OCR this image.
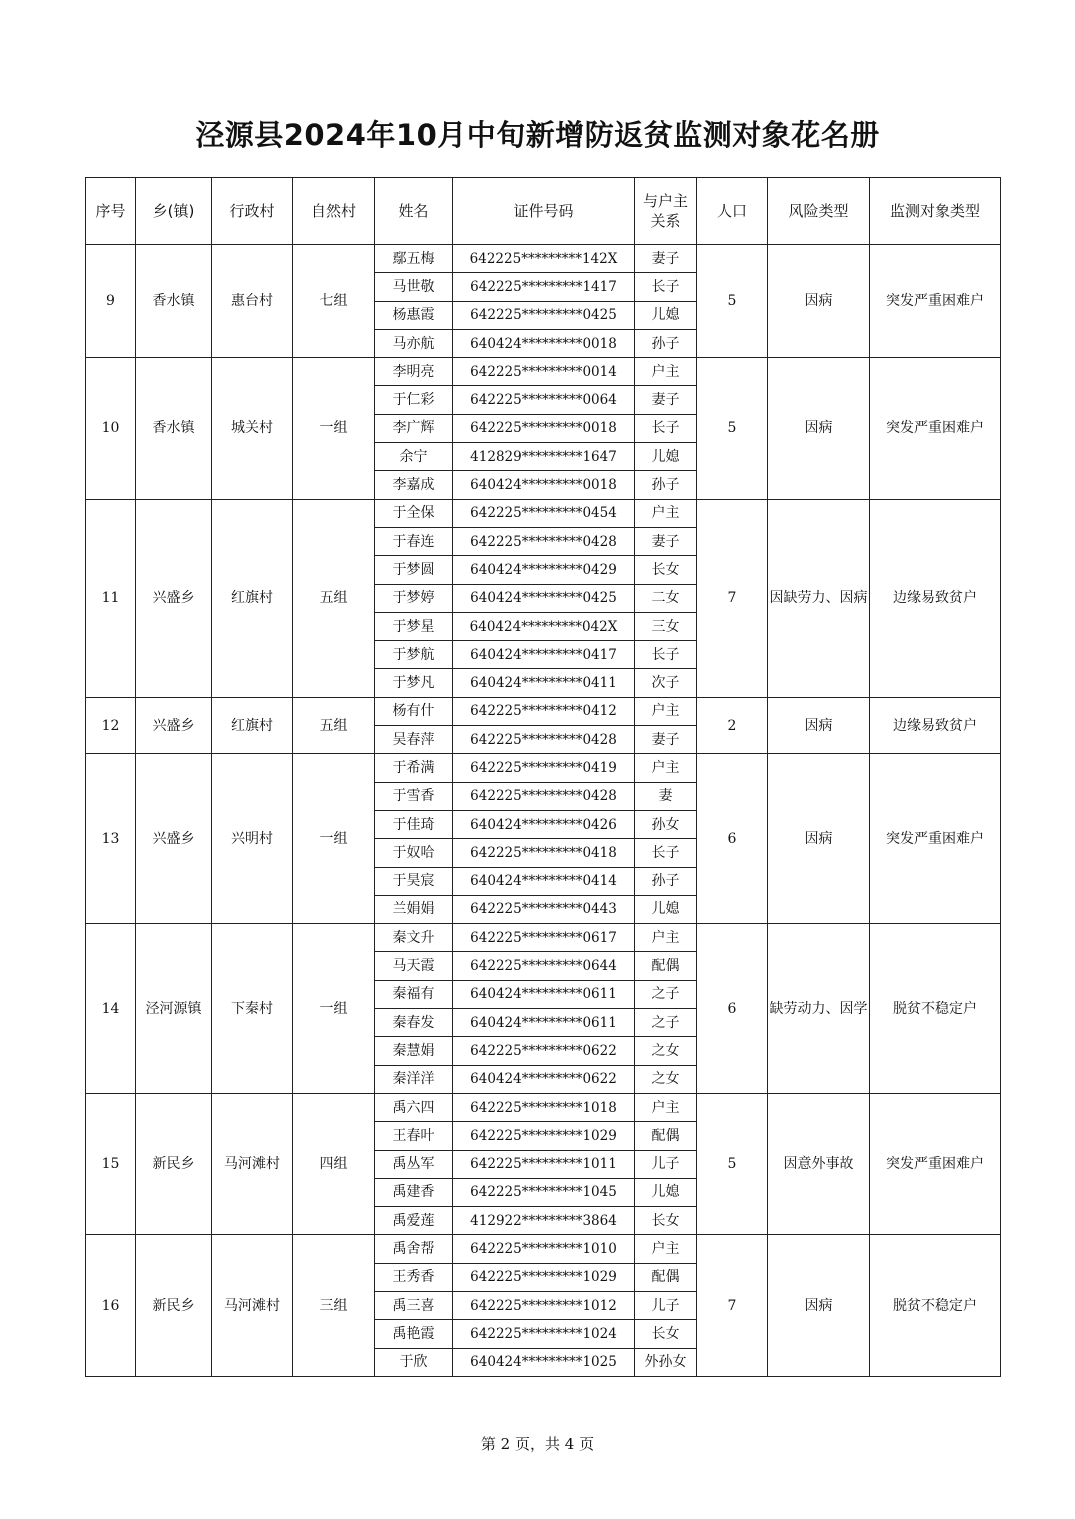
泾源县2024年10月中旬新增防返贫监测对象花名册
序号	乡(镇)	行政村	自然村	姓名	证件号码	与户主关系	人口	风险类型	监测对象类型
9	香水镇	惠台村	七组	鄢五梅	642225*********142X	妻子	5	因病	突发严重困难户
				马世敬	642225*********1417	长子			
				杨惠霞	642225*********0425	儿媳			
				马亦航	640424*********0018	孙子			
10	香水镇	城关村	一组	李明亮	642225*********0014	户主	5	因病	突发严重困难户
				于仁彩	642225*********0064	妻子			
				李广辉	642225*********0018	长子			
				余宁	412829*********1647	儿媳			
				李嘉成	640424*********0018	孙子			
11	兴盛乡	红旗村	五组	于全保	642225*********0454	户主	7	因缺劳力、因病	边缘易致贫户
				于春连	642225*********0428	妻子			
				于梦圆	640424*********0429	长女			
				于梦婷	640424*********0425	二女			
				于梦星	640424*********042X	三女			
				于梦航	640424*********0417	长子			
				于梦凡	640424*********0411	次子			
12	兴盛乡	红旗村	五组	杨有什	642225*********0412	户主	2	因病	边缘易致贫户
				吴春萍	642225*********0428	妻子			
13	兴盛乡	兴明村	一组	于希满	642225*********0419	户主	6	因病	突发严重困难户
				于雪香	642225*********0428	妻			
				于佳琦	640424*********0426	孙女			
				于奴哈	642225*********0418	长子			
				于昊宸	640424*********0414	孙子			
				兰娟娟	642225*********0443	儿媳			
14	泾河源镇	下秦村	一组	秦文升	642225*********0617	户主	6	缺劳动力、因学	脱贫不稳定户
				马天霞	642225*********0644	配偶			
				秦福有	640424*********0611	之子			
				秦春发	640424*********0611	之子			
				秦慧娟	642225*********0622	之女			
				秦洋洋	640424*********0622	之女			
15	新民乡	马河滩村	四组	禹六四	642225*********1018	户主	5	因意外事故	突发严重困难户
				王春叶	642225*********1029	配偶			
				禹丛军	642225*********1011	儿子			
				禹建香	642225*********1045	儿媳			
				禹爱莲	412922*********3864	长女			
16	新民乡	马河滩村	三组	禹舍帮	642225*********1010	户主	7	因病	脱贫不稳定户
				王秀香	642225*********1029	配偶			
				禹三喜	642225*********1012	儿子			
				禹艳霞	642225*********1024	长女			
				于欣	640424*********1025	外孙女			
第 2 页，共 4 页
